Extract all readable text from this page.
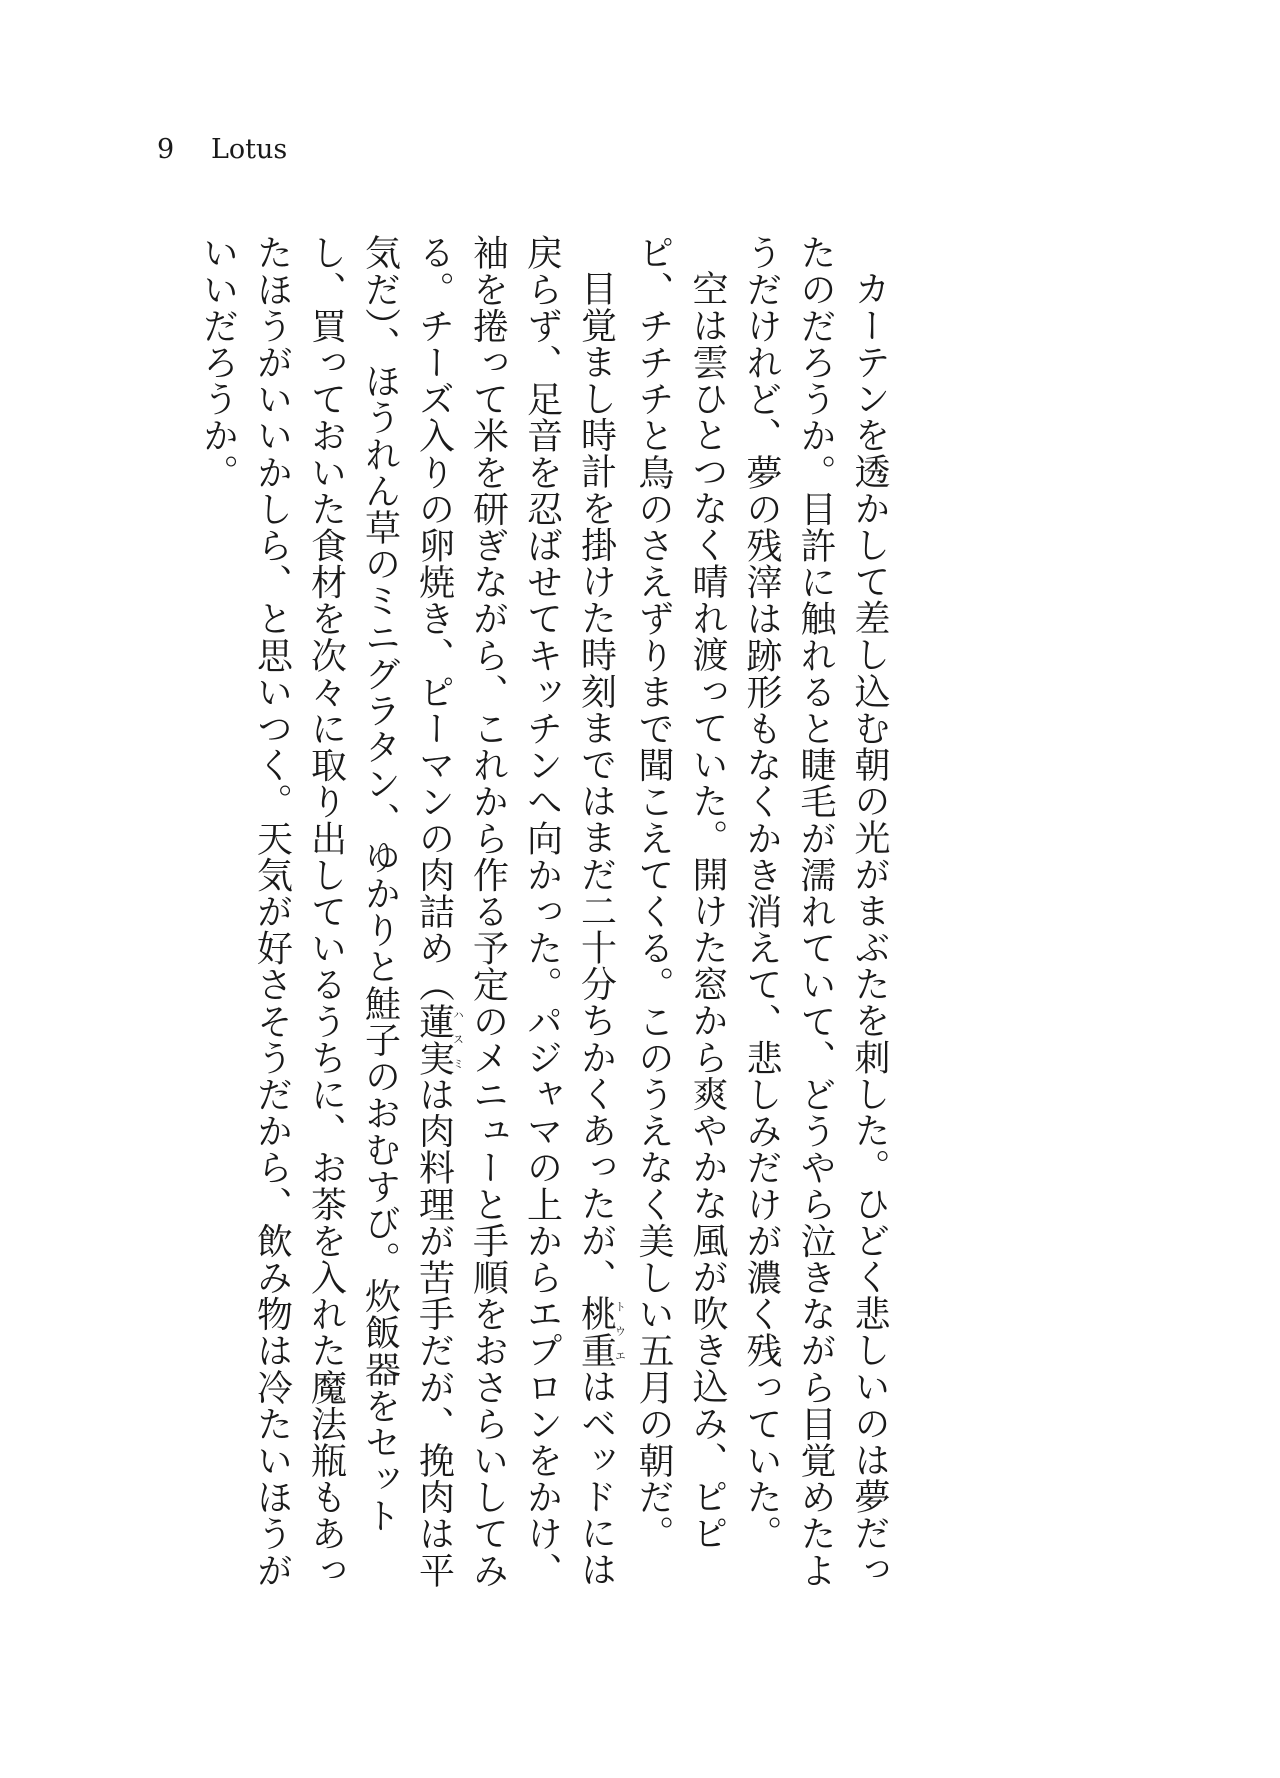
9 Lotus

カーテンを透かして差し込む朝の光がまぶたを刺した。ひどく悲しいのは夢だったのだろうか。目許に触れると睫毛が濡れていて、どうやら泣きながら目覚めたようだけれど、夢の残滓は跡形もなくかき消えて、悲しみだけが濃く残っていた。

空は雲ひとつなく晴れ渡っていた。開けた窓から爽やかな風が吹き込み、ピピピ、チチチと鳥のさえずりまで聞こえてくる。このうえなく美しい五月の朝だ。

目覚まし時計を掛けた時刻まではまだ二十分ちかくあったが、桃重トウエはベッドには戻らず、足音を忍ばせてキッチンへ向かった。パジャマの上からエプロンをかけ、袖を捲って米を研ぎながら、これから作る予定のメニューと手順をおさらいしてみる。チーズ入りの卵焼き、ピーマンの肉詰め（蓮実ハスミは肉料理が苦手だが、挽肉は平気だ）、ほうれん草のミニグラタン、ゆかりと鮭子のおむすび。炊飯器をセットし、買っておいた食材を次々に取り出しているうちに、お茶を入れた魔法瓶もあったほうがいいかしら、と思いつく。天気が好さそうだから、飲み物は冷たいほうがいいだろうか。
